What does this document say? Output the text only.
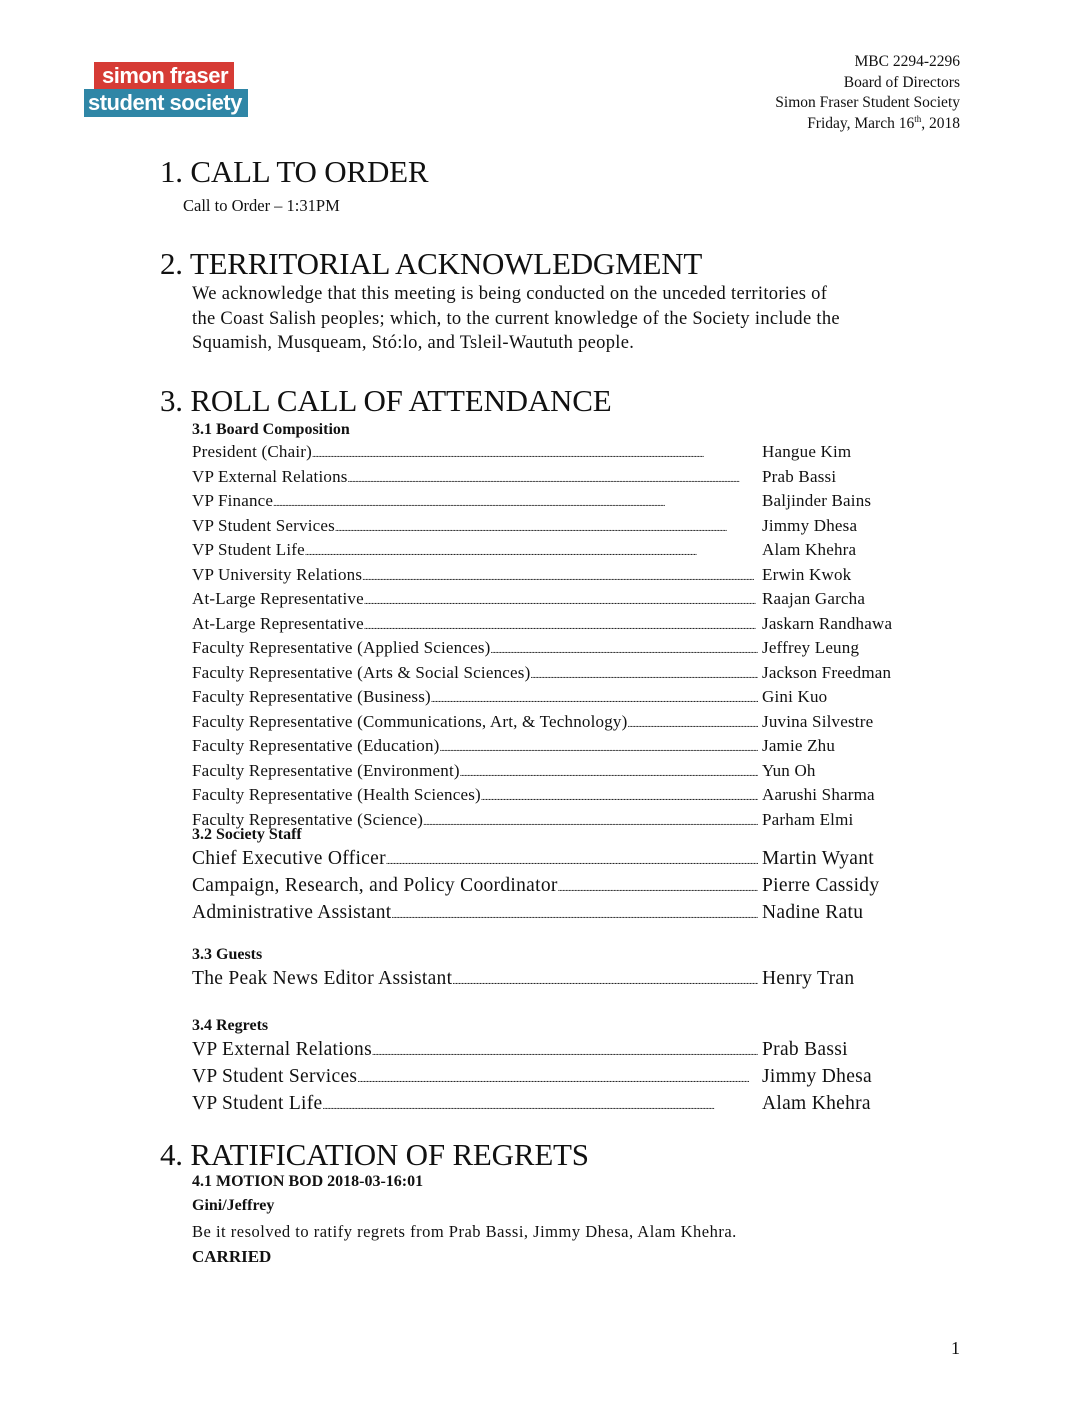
simon fraser
student society
MBC 2294-2296
Board of Directors
Simon Fraser Student Society
Friday, March 16th, 2018
1. CALL TO ORDER
Call to Order – 1:31PM
2. TERRITORIAL ACKNOWLEDGMENT
We acknowledge that this meeting is being conducted on the unceded territories of
the Coast Salish peoples; which, to the current knowledge of the Society include the
Squamish, Musqueam, Stó:lo, and Tsleil-Waututh people.
3. ROLL CALL OF ATTENDANCE
3.1 Board Composition
President (Chair) . . .	Hangue Kim
VP External Relations . . .	Prab Bassi
VP Finance . . .	Baljinder Bains
VP Student Services . . .	Jimmy Dhesa
VP Student Life . . .	Alam Khehra
VP University Relations . . .	Erwin Kwok
At-Large Representative . . .	Raajan Garcha
At-Large Representative . . .	Jaskarn Randhawa
Faculty Representative (Applied Sciences) . . .	Jeffrey Leung
Faculty Representative (Arts & Social Sciences) . . .	Jackson Freedman
Faculty Representative (Business) . . .	Gini Kuo
Faculty Representative (Communications, Art, & Technology) . . .	Juvina Silvestre
Faculty Representative (Education) . . .	Jamie Zhu
Faculty Representative (Environment) . . .	Yun Oh
Faculty Representative (Health Sciences) . . .	Aarushi Sharma
Faculty Representative (Science) . . .	Parham Elmi
3.2 Society Staff
Chief Executive Officer . . .	Martin Wyant
Campaign, Research, and Policy Coordinator . . .	Pierre Cassidy
Administrative Assistant . . .	Nadine Ratu
3.3 Guests
The Peak News Editor Assistant . . .	Henry Tran
3.4 Regrets
VP External Relations . . .	Prab Bassi
VP Student Services . . .	Jimmy Dhesa
VP Student Life . . .	Alam Khehra
4. RATIFICATION OF REGRETS
4.1 MOTION BOD 2018-03-16:01
Gini/Jeffrey
Be it resolved to ratify regrets from Prab Bassi, Jimmy Dhesa, Alam Khehra.
CARRIED
1
